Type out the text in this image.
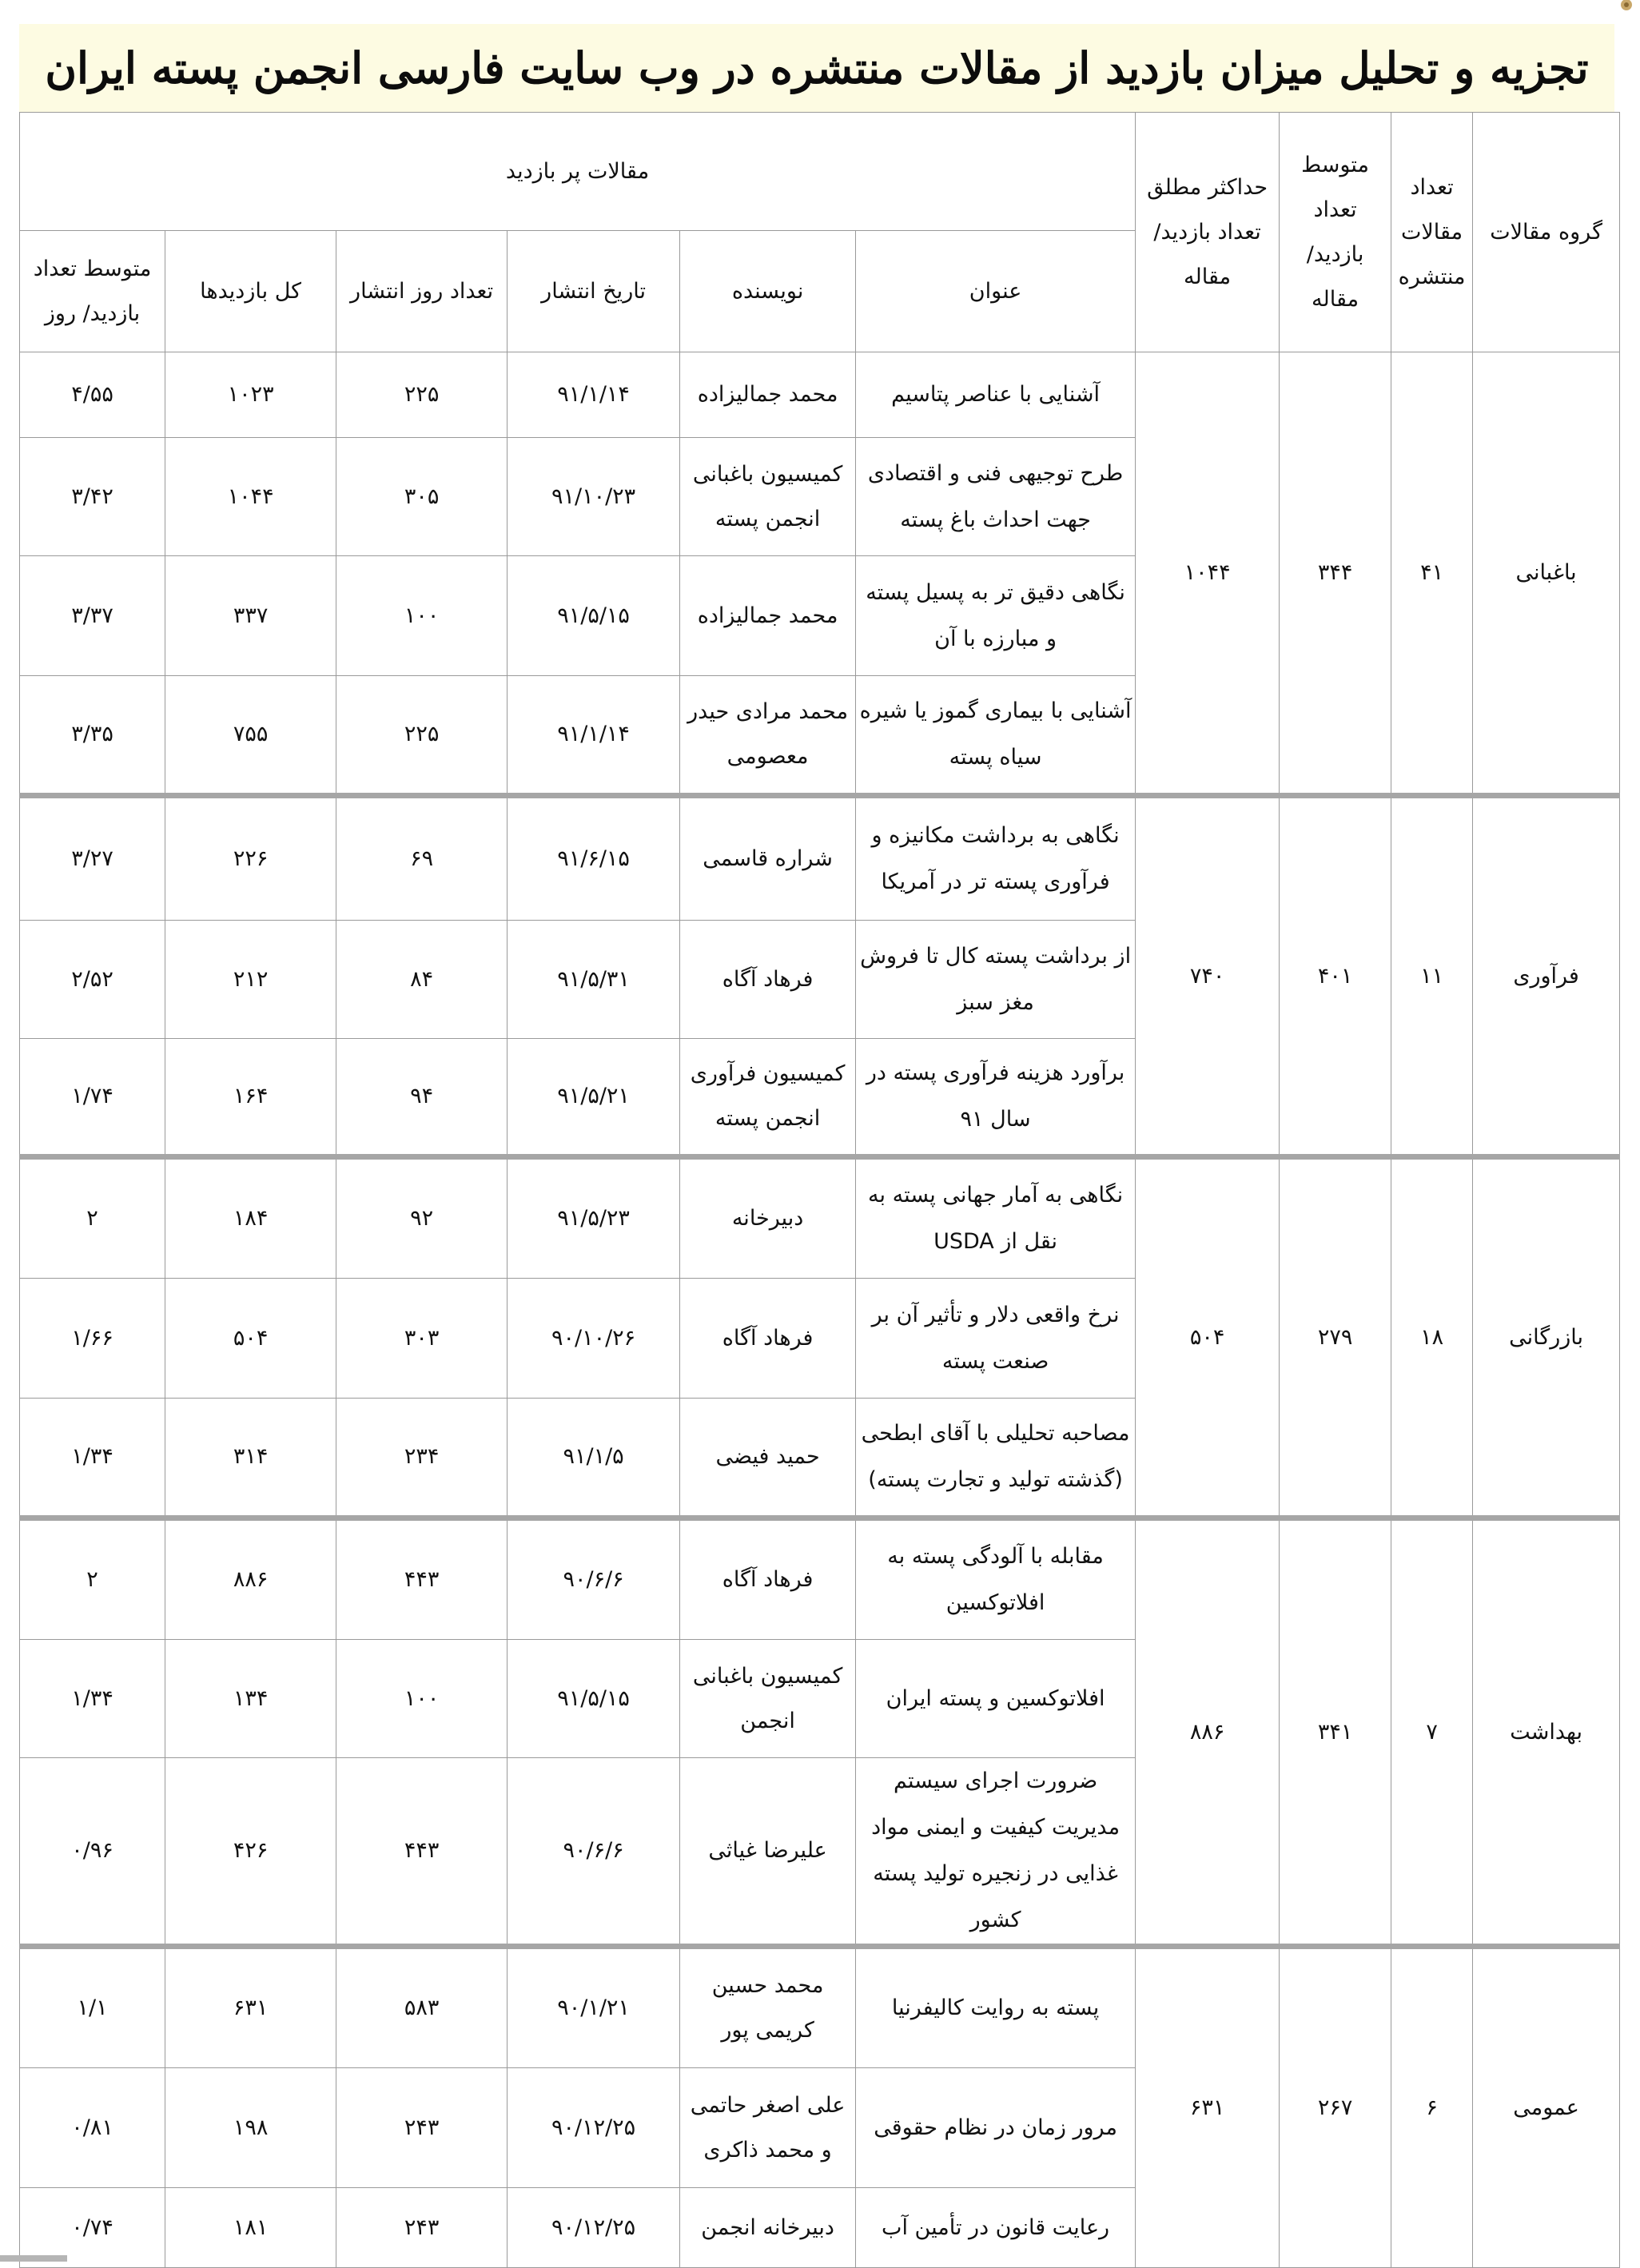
تجزیه و تحلیل میزان بازدید از مقالات منتشره در وب سایت فارسی انجمن پسته ایران
گروه مقالات	تعداد مقالات منتشره	متوسط تعداد بازدید/ مقاله	حداکثر مطلق تعداد بازدید/ مقاله	مقالات پر بازدید					
				عنوان	نویسنده	تاریخ انتشار	تعداد روز انتشار	کل بازدیدها	متوسط تعداد بازدید/ روز
باغبانی	۴۱	۳۴۴	۱۰۴۴	آشنایی با عناصر پتاسیم	محمد جمالیزاده	۹۱/۱/۱۴	۲۲۵	۱۰۲۳	۴/۵۵
				طرح توجیهی فنی و اقتصادی جهت احداث باغ پسته	کمیسیون باغبانی انجمن پسته	۹۱/۱۰/۲۳	۳۰۵	۱۰۴۴	۳/۴۲
				نگاهی دقیق تر به پسیل پسته و مبارزه با آن	محمد جمالیزاده	۹۱/۵/۱۵	۱۰۰	۳۳۷	۳/۳۷
				آشنایی با بیماری گموز یا شیره سیاه پسته	محمد مرادی حیدر معصومی	۹۱/۱/۱۴	۲۲۵	۷۵۵	۳/۳۵
فرآوری	۱۱	۴۰۱	۷۴۰	نگاهی به برداشت مکانیزه و فرآوری پسته تر در آمریکا	شراره قاسمی	۹۱/۶/۱۵	۶۹	۲۲۶	۳/۲۷
				از برداشت پسته کال تا فروش مغز سبز	فرهاد آگاه	۹۱/۵/۳۱	۸۴	۲۱۲	۲/۵۲
				برآورد هزینه فرآوری پسته در سال ۹۱	کمیسیون فرآوری انجمن پسته	۹۱/۵/۲۱	۹۴	۱۶۴	۱/۷۴
بازرگانی	۱۸	۲۷۹	۵۰۴	نگاهی به آمار جهانی پسته به نقل از USDA	دبیرخانه	۹۱/۵/۲۳	۹۲	۱۸۴	۲
				نرخ واقعی دلار و تأثیر آن بر صنعت پسته	فرهاد آگاه	۹۰/۱۰/۲۶	۳۰۳	۵۰۴	۱/۶۶
				مصاحبه تحلیلی با آقای ابطحی (گذشته تولید و تجارت پسته)	حمید فیضی	۹۱/۱/۵	۲۳۴	۳۱۴	۱/۳۴
بهداشت	۷	۳۴۱	۸۸۶	مقابله با آلودگی پسته به افلاتوکسین	فرهاد آگاه	۹۰/۶/۶	۴۴۳	۸۸۶	۲
				افلاتوکسین و پسته ایران	کمیسیون باغبانی انجمن	۹۱/۵/۱۵	۱۰۰	۱۳۴	۱/۳۴
				ضرورت اجرای سیستم مدیریت کیفیت و ایمنی مواد غذایی در زنجیره تولید پسته کشور	علیرضا غیاثی	۹۰/۶/۶	۴۴۳	۴۲۶	۰/۹۶
عمومی	۶	۲۶۷	۶۳۱	پسته به روایت کالیفرنیا	محمد حسین کریمی پور	۹۰/۱/۲۱	۵۸۳	۶۳۱	۱/۱
				مرور زمان در نظام حقوقی	علی اصغر حاتمی و محمد ذاکری	۹۰/۱۲/۲۵	۲۴۳	۱۹۸	۰/۸۱
				رعایت قانون در تأمین آب	دبیرخانه انجمن	۹۰/۱۲/۲۵	۲۴۳	۱۸۱	۰/۷۴
